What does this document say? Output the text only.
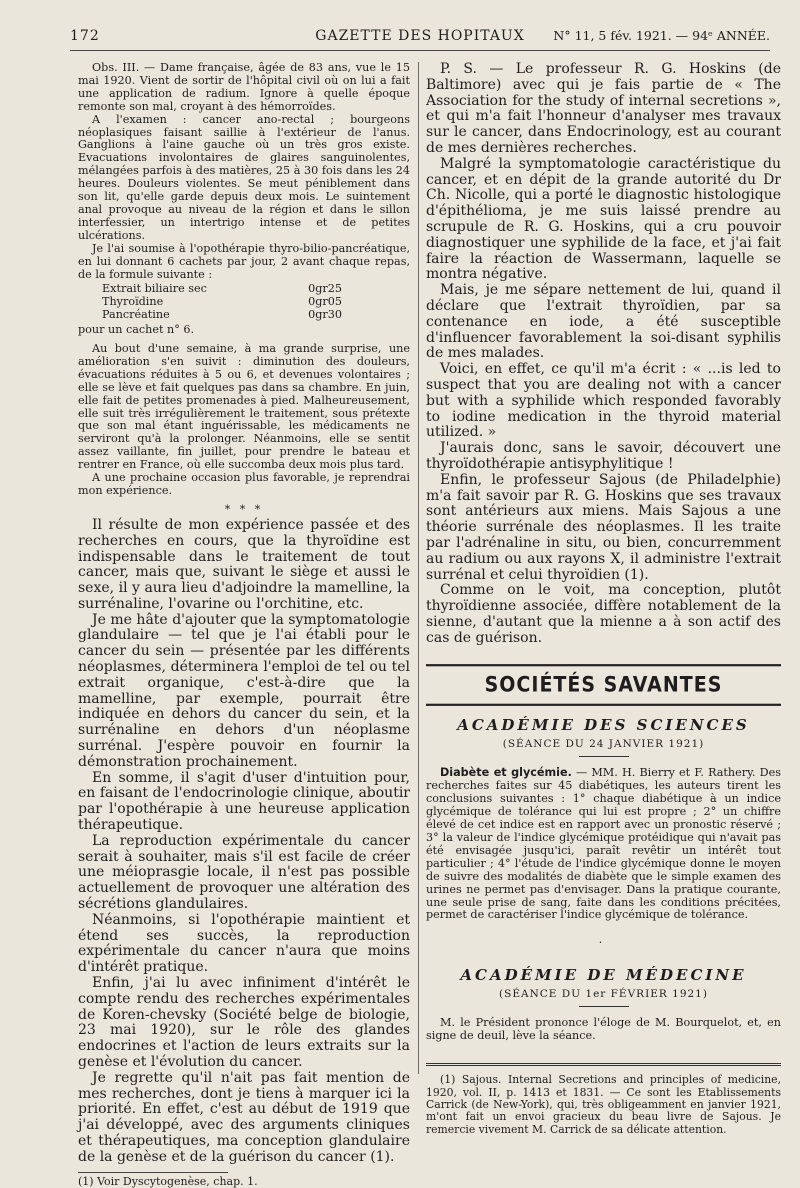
172	GAZETTE DES HOPITAUX	N° 11, 5 fév. 1921. — 94ᵉ ANNÉE.

Obs. III. — Dame française, âgée de 83 ans, vue le 15 mai 1920. Vient de sortir de l'hôpital civil où on lui a fait une application de radium. Ignore à quelle époque remonte son mal, croyant à des hémorroïdes.

A l'examen : cancer ano-rectal ; bourgeons néoplasiques faisant saillie à l'extérieur de l'anus. Ganglions à l'aine gauche où un très gros existe. Evacuations involontaires de glaires sanguinolentes, mélangées parfois à des matières, 25 à 30 fois dans les 24 heures. Douleurs violentes. Se meut péniblement dans son lit, qu'elle garde depuis deux mois. Le suintement anal provoque au niveau de la région et dans le sillon interfessier, un intertrigo intense et de petites ulcérations.

Je l'ai soumise à l'opothérapie thyro-bilio-pancréatique, en lui donnant 6 cachets par jour, 2 avant chaque repas, de la formule suivante :

Extrait biliaire sec	0gr25
Thyroïdine	0gr05
Pancréatine	0gr30

pour un cachet n° 6.

Au bout d'une semaine, à ma grande surprise, une amélioration s'en suivit : diminution des douleurs, évacuations réduites à 5 ou 6, et devenues volontaires ; elle se lève et fait quelques pas dans sa chambre. En juin, elle fait de petites promenades à pied. Malheureusement, elle suit très irrégulièrement le traitement, sous prétexte que son mal étant inguérissable, les médicaments ne serviront qu'à la prolonger. Néanmoins, elle se sentit assez vaillante, fin juillet, pour prendre le bateau et rentrer en France, où elle succomba deux mois plus tard.

A une prochaine occasion plus favorable, je reprendrai mon expérience.

* * *

Il résulte de mon expérience passée et des recherches en cours, que la thyroïdine est indispensable dans le traitement de tout cancer, mais que, suivant le siège et aussi le sexe, il y aura lieu d'adjoindre la mamelline, la surrénaline, l'ovarine ou l'orchitine, etc.

Je me hâte d'ajouter que la symptomatologie glandulaire — tel que je l'ai établi pour le cancer du sein — présentée par les différents néoplasmes, déterminera l'emploi de tel ou tel extrait organique, c'est-à-dire que la mamelline, par exemple, pourrait être indiquée en dehors du cancer du sein, et la surrénaline en dehors d'un néoplasme surrénal. J'espère pouvoir en fournir la démonstration prochainement.

En somme, il s'agit d'user d'intuition pour, en faisant de l'endocrinologie clinique, aboutir par l'opothérapie à une heureuse application thérapeutique.

La reproduction expérimentale du cancer serait à souhaiter, mais s'il est facile de créer une méioprasgie locale, il n'est pas possible actuellement de provoquer une altération des sécrétions glandulaires.

Néanmoins, si l'opothérapie maintient et étend ses succès, la reproduction expérimentale du cancer n'aura que moins d'intérêt pratique.

Enfin, j'ai lu avec infiniment d'intérêt le compte rendu des recherches expérimentales de Koren-chevsky (Société belge de biologie, 23 mai 1920), sur le rôle des glandes endocrines et l'action de leurs extraits sur la genèse et l'évolution du cancer.

Je regrette qu'il n'ait pas fait mention de mes recherches, dont je tiens à marquer ici la priorité. En effet, c'est au début de 1919 que j'ai développé, avec des arguments cliniques et thérapeutiques, ma conception glandulaire de la genèse et de la guérison du cancer (1).

(1) Voir Dyscytogenèse, chap. 1.

P. S. — Le professeur R. G. Hoskins (de Baltimore) avec qui je fais partie de « The Association for the study of internal secretions », et qui m'a fait l'honneur d'analyser mes travaux sur le cancer, dans Endocrinology, est au courant de mes dernières recherches.

Malgré la symptomatologie caractéristique du cancer, et en dépit de la grande autorité du Dr Ch. Nicolle, qui a porté le diagnostic histologique d'épithélioma, je me suis laissé prendre au scrupule de R. G. Hoskins, qui a cru pouvoir diagnostiquer une syphilide de la face, et j'ai fait faire la réaction de Wassermann, laquelle se montra négative.

Mais, je me sépare nettement de lui, quand il déclare que l'extrait thyroïdien, par sa contenance en iode, a été susceptible d'influencer favorablement la soi-disant syphilis de mes malades.

Voici, en effet, ce qu'il m'a écrit : « ...is led to suspect that you are dealing not with a cancer but with a syphilide which responded favorably to iodine medication in the thyroid material utilized. »

J'aurais donc, sans le savoir, découvert une thyroïdothérapie antisyphylitique !

Enfin, le professeur Sajous (de Philadelphie) m'a fait savoir par R. G. Hoskins que ses travaux sont antérieurs aux miens. Mais Sajous a une théorie surrénale des néoplasmes. Il les traite par l'adrénaline in situ, ou bien, concurremment au radium ou aux rayons X, il administre l'extrait surrénal et celui thyroïdien (1).

Comme on le voit, ma conception, plutôt thyroïdienne associée, diffère notablement de la sienne, d'autant que la mienne a à son actif des cas de guérison.

SOCIÉTÉS SAVANTES
ACADÉMIE DES SCIENCES
(SÉANCE DU 24 JANVIER 1921)

Diabète et glycémie. — MM. H. Bierry et F. Rathery. Des recherches faites sur 45 diabétiques, les auteurs tirent les conclusions suivantes : 1° chaque diabétique à un indice glycémique de tolérance qui lui est propre ; 2° un chiffre élevé de cet indice est en rapport avec un pronostic réservé ; 3° la valeur de l'indice glycémique protéidique qui n'avait pas été envisagée jusqu'ici, paraît revêtir un intérêt tout particulier ; 4° l'étude de l'indice glycémique donne le moyen de suivre des modalités de diabète que le simple examen des urines ne permet pas d'envisager. Dans la pratique courante, une seule prise de sang, faite dans les conditions précitées, permet de caractériser l'indice glycémique de tolérance.

·
ACADÉMIE DE MÉDECINE
(SÉANCE DU 1er FÉVRIER 1921)

M. le Président prononce l'éloge de M. Bourquelot, et, en signe de deuil, lève la séance.

(1) Sajous. Internal Secretions and principles of medicine, 1920, vol. II, p. 1413 et 1831. — Ce sont les Etablissements Carrick (de New-York), qui, très obligeamment en janvier 1921, m'ont fait un envoi gracieux du beau livre de Sajous. Je remercie vivement M. Carrick de sa délicate attention.
